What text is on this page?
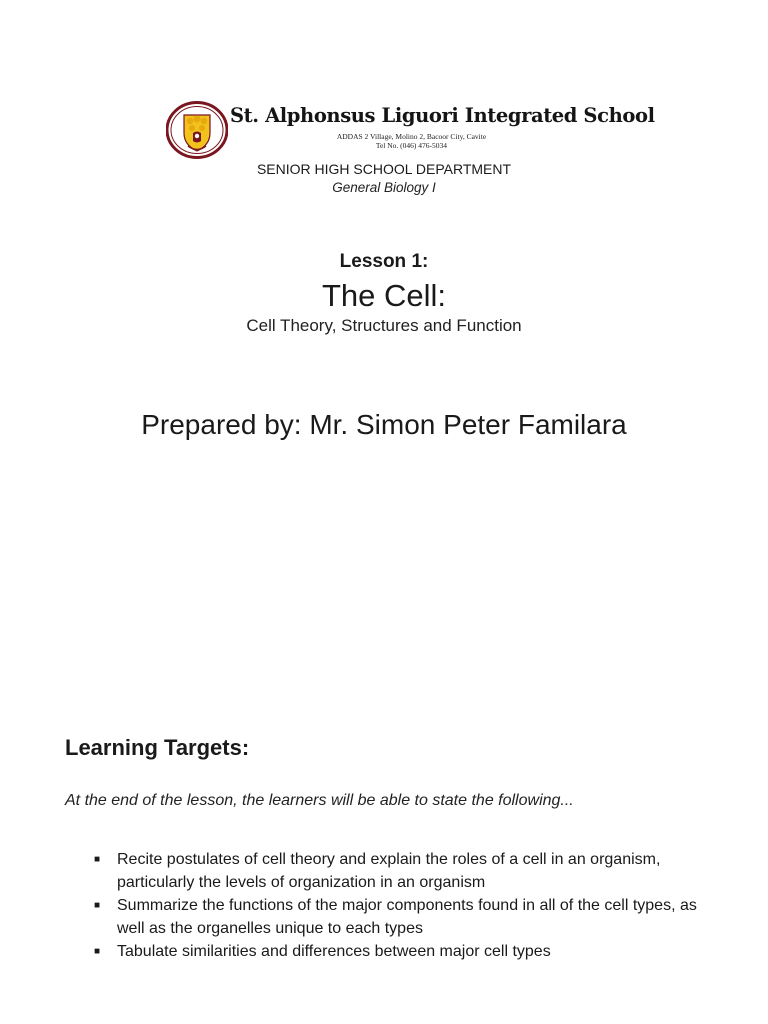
St. Alphonsus Liguori Integrated School
ADDAS 2 Village, Molino 2, Bacoor City, Cavite
Tel No. (046) 476-5034
SENIOR HIGH SCHOOL DEPARTMENT
General Biology I
Lesson 1:
The Cell:
Cell Theory, Structures and Function
Prepared by: Mr. Simon Peter Familara
Learning Targets:
At the end of the lesson, the learners will be able to state the following...
■ Recite postulates of cell theory and explain the roles of a cell in an organism, particularly the levels of organization in an organism
■ Summarize the functions of the major components found in all of the cell types, as well as the organelles unique to each types
■ Tabulate similarities and differences between major cell types
